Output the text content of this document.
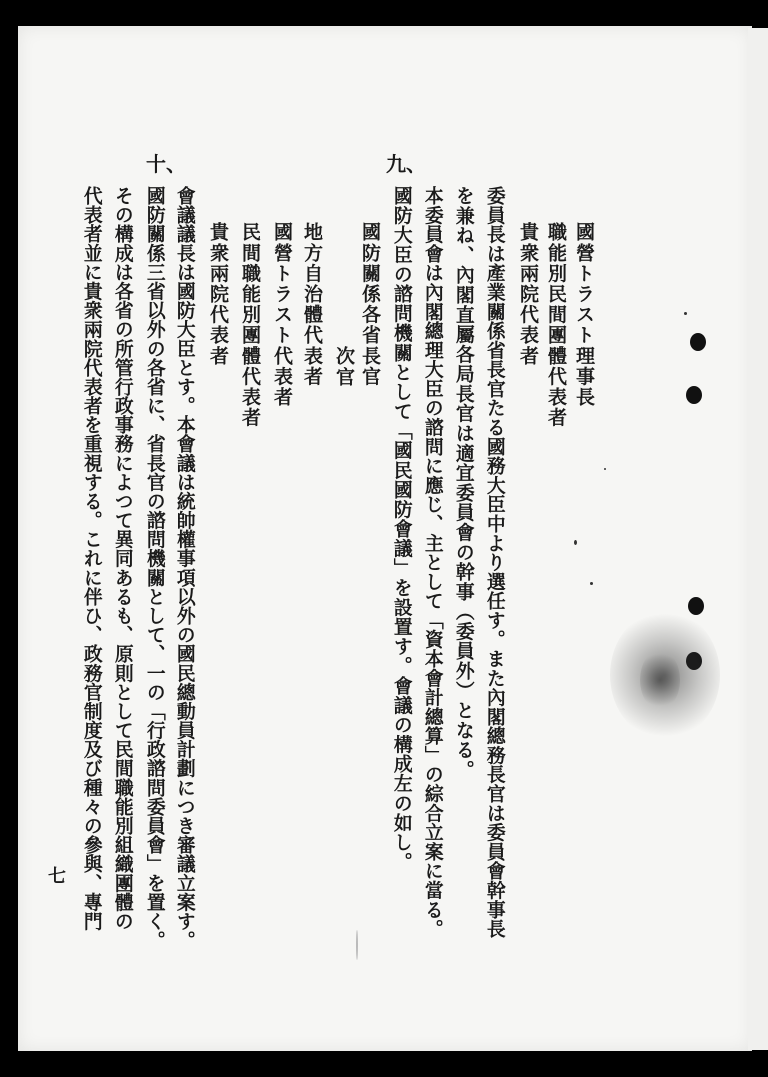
國營トラスト理事長
職能別民間團體代表者
貴衆兩院代表者
委員長は產業關係省長官たる國務大臣中より選任す。また內閣總務長官は委員會幹事長
を兼ね、內閣直屬各局長官は適宜委員會の幹事（委員外）となる。
本委員會は內閣總理大臣の諮問に應じ、主として「資本會計總算」の綜合立案に當る。
九、
國防大臣の諮問機關として「國民國防會議」を設置す。會議の構成左の如し。
國防關係各省長官
次官
地方自治體代表者
國營トラスト代表者
民間職能別團體代表者
貴衆兩院代表者
會議議長は國防大臣とす。本會議は統帥權事項以外の國民總動員計劃につき審議立案す。
十、
國防關係三省以外の各省に、省長官の諮問機關として、一の「行政諮問委員會」を置く。
その構成は各省の所管行政事務によつて異同あるも、原則として民間職能別組織團體の
代表者並に貴衆兩院代表者を重視する。これに伴ひ、政務官制度及び種々の參與、專門
七
